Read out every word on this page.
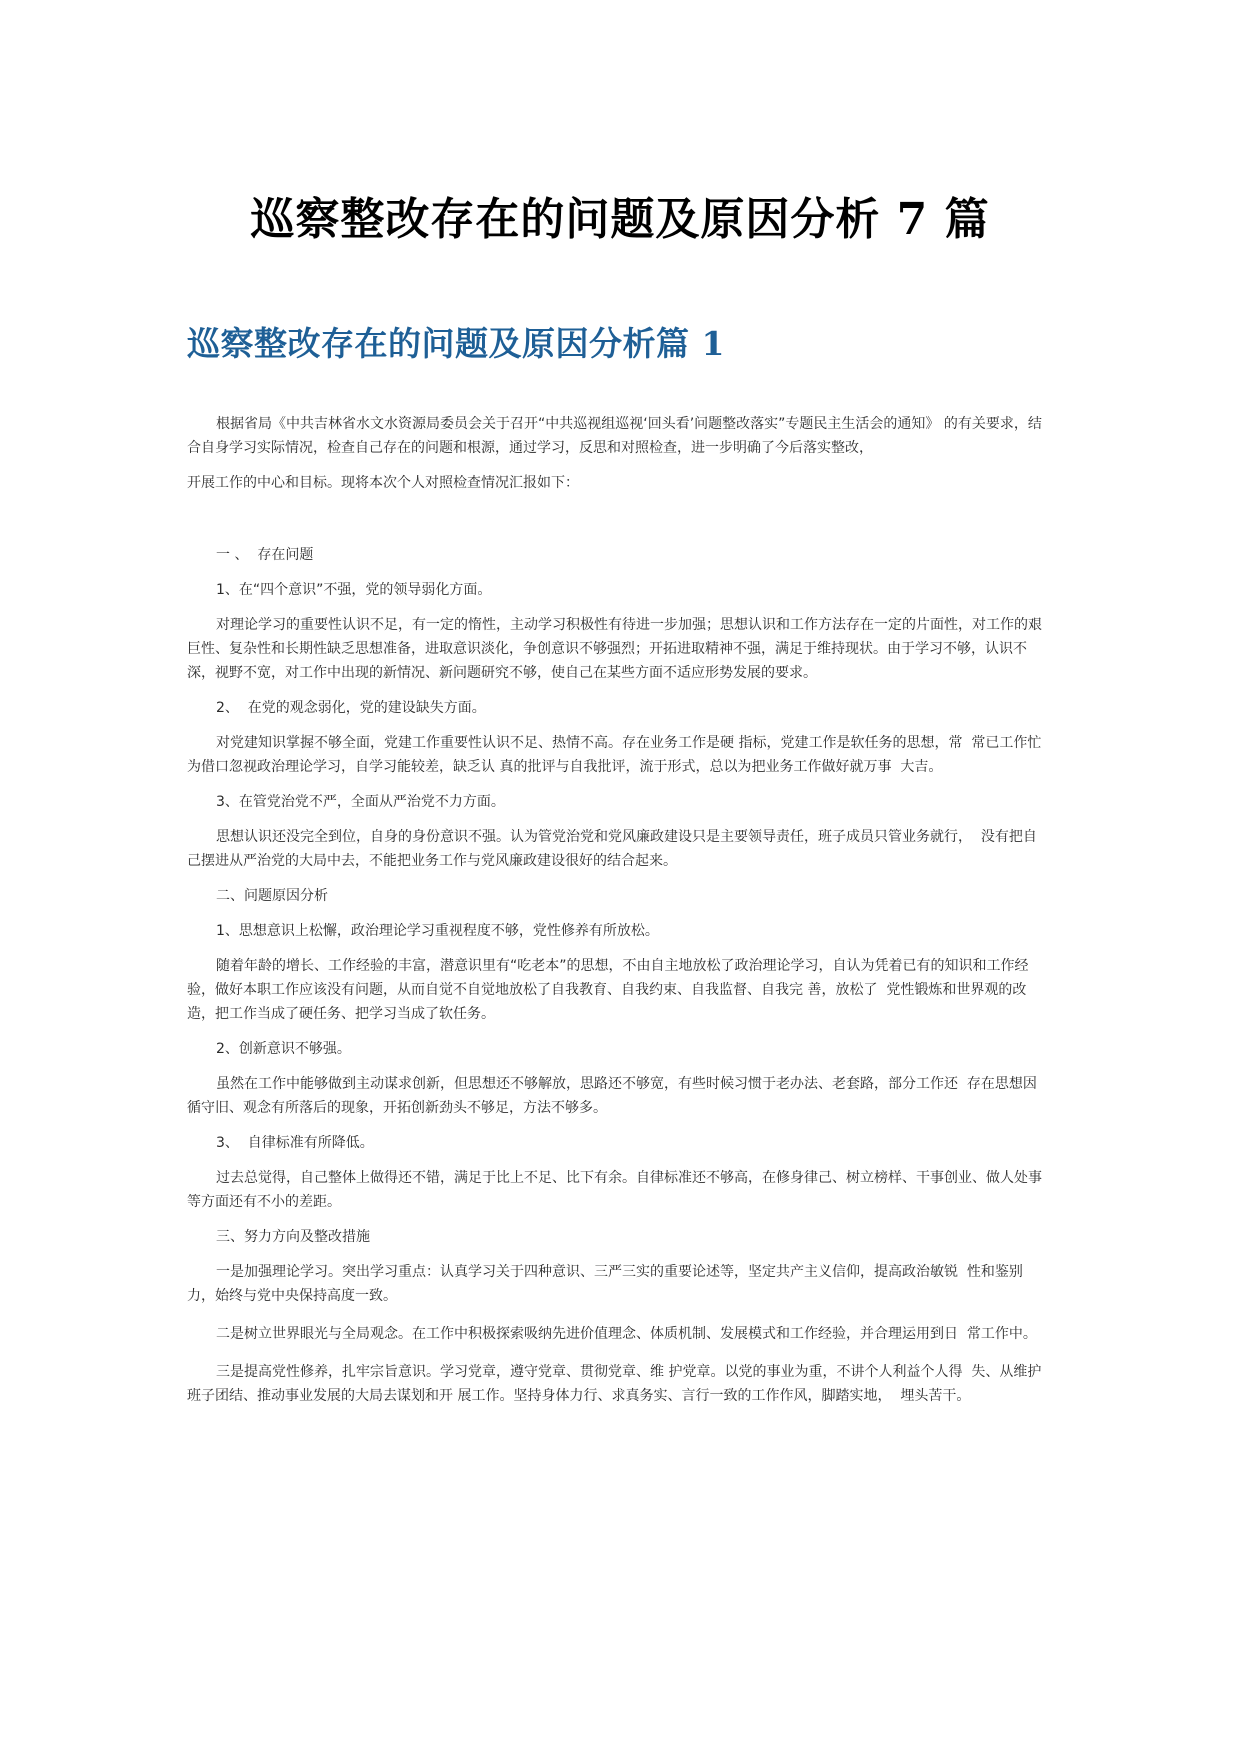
巡察整改存在的问题及原因分析 7 篇
巡察整改存在的问题及原因分析篇 1

根据省局《中共吉林省水文水资源局委员会关于召开“中共巡视组巡视‘回头看’问题整改落实”专题民主生活会的通知》 的有关要求，结合自身学习实际情况，检查自己存在的问题和根源，通过学习，反思和对照检查，进一步明确了今后落实整改，

开展工作的中心和目标。现将本次个人对照检查情况汇报如下：

一 、  存在问题

1、在“四个意识”不强，党的领导弱化方面。

对理论学习的重要性认识不足，有一定的惰性，主动学习积极性有待进一步加强；思想认识和工作方法存在一定的片面性，对工作的艰巨性、复杂性和长期性缺乏思想准备，进取意识淡化，争创意识不够强烈；开拓进取精神不强，满足于维持现状。由于学习不够，认识不深，视野不宽，对工作中出现的新情况、新问题研究不够，使自己在某些方面不适应形势发展的要求。

2、  在党的观念弱化，党的建设缺失方面。

对党建知识掌握不够全面，党建工作重要性认识不足、热情不高。存在业务工作是硬 指标，党建工作是软任务的思想，常  常已工作忙为借口忽视政治理论学习，自学习能较差，缺乏认 真的批评与自我批评，流于形式，总以为把业务工作做好就万事  大吉。

3、在管党治党不严，全面从严治党不力方面。

思想认识还没完全到位，自身的身份意识不强。认为管党治党和党风廉政建设只是主要领导责任，班子成员只管业务就行，  没有把自己摆进从严治党的大局中去，不能把业务工作与党风廉政建设很好的结合起来。

二、问题原因分析

1、思想意识上松懈，政治理论学习重视程度不够，党性修养有所放松。

随着年龄的增长、工作经验的丰富，潜意识里有“吃老本”的思想，不由自主地放松了政治理论学习，自认为凭着已有的知识和工作经验，做好本职工作应该没有问题，从而自觉不自觉地放松了自我教育、自我约束、自我监督、自我完 善，放松了  党性锻炼和世界观的改造，把工作当成了硬任务、把学习当成了软任务。

2、创新意识不够强。

虽然在工作中能够做到主动谋求创新，但思想还不够解放，思路还不够宽，有些时候习惯于老办法、老套路，部分工作还  存在思想因循守旧、观念有所落后的现象，开拓创新劲头不够足，方法不够多。

3、  自律标准有所降低。

过去总觉得，自己整体上做得还不错，满足于比上不足、比下有余。自律标准还不够高，在修身律己、树立榜样、干事创业、做人处事等方面还有不小的差距。

三、努力方向及整改措施

一是加强理论学习。突出学习重点：认真学习关于四种意识、三严三实的重要论述等，坚定共产主义信仰，提高政治敏锐  性和鉴别力，始终与党中央保持高度一致。

二是树立世界眼光与全局观念。在工作中积极探索吸纳先进价值理念、体质机制、发展模式和工作经验，并合理运用到日  常工作中。

三是提高党性修养，扎牢宗旨意识。学习党章，遵守党章、贯彻党章、维 护党章。以党的事业为重，不讲个人利益个人得  失、从维护班子团结、推动事业发展的大局去谋划和开 展工作。坚持身体力行、求真务实、言行一致的工作作风，脚踏实地，  埋头苦干。
